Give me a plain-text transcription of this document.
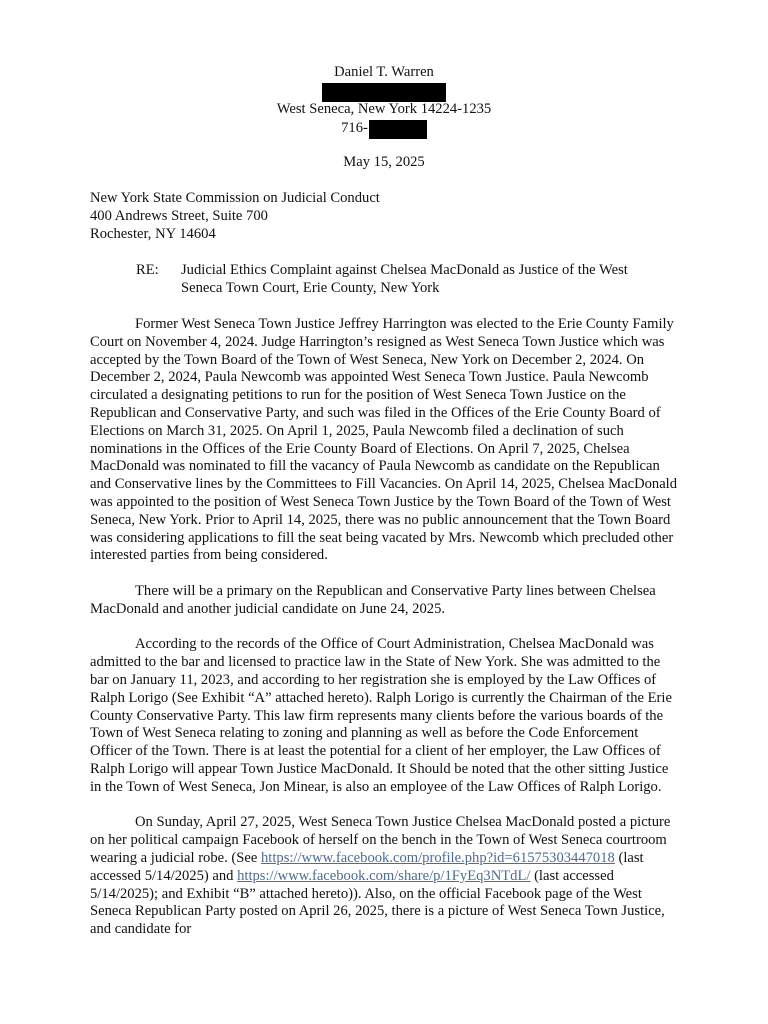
Daniel T. Warren
West Seneca, New York 14224-1235
716-
May 15, 2025
New York State Commission on Judicial Conduct
400 Andrews Street, Suite 700
Rochester, NY 14604
RE: Judicial Ethics Complaint against Chelsea MacDonald as Justice of the West
Seneca Town Court, Erie County, New York

Former West Seneca Town Justice Jeffrey Harrington was elected to the Erie County Family Court on November 4, 2024. Judge Harrington’s resigned as West Seneca Town Justice which was accepted by the Town Board of the Town of West Seneca, New York on December 2, 2024. On December 2, 2024, Paula Newcomb was appointed West Seneca Town Justice. Paula Newcomb circulated a designating petitions to run for the position of West Seneca Town Justice on the Republican and Conservative Party, and such was filed in the Offices of the Erie County Board of Elections on March 31, 2025. On April 1, 2025, Paula Newcomb filed a declination of such nominations in the Offices of the Erie County Board of Elections. On April 7, 2025, Chelsea MacDonald was nominated to fill the vacancy of Paula Newcomb as candidate on the Republican and Conservative lines by the Committees to Fill Vacancies. On April 14, 2025, Chelsea MacDonald was appointed to the position of West Seneca Town Justice by the Town Board of the Town of West Seneca, New York. Prior to April 14, 2025, there was no public announcement that the Town Board was considering applications to fill the seat being vacated by Mrs. Newcomb which precluded other interested parties from being considered.

There will be a primary on the Republican and Conservative Party lines between Chelsea MacDonald and another judicial candidate on June 24, 2025.

According to the records of the Office of Court Administration, Chelsea MacDonald was admitted to the bar and licensed to practice law in the State of New York. She was admitted to the bar on January 11, 2023, and according to her registration she is employed by the Law Offices of Ralph Lorigo (See Exhibit “A” attached hereto). Ralph Lorigo is currently the Chairman of the Erie County Conservative Party. This law firm represents many clients before the various boards of the Town of West Seneca relating to zoning and planning as well as before the Code Enforcement Officer of the Town. There is at least the potential for a client of her employer, the Law Offices of Ralph Lorigo will appear Town Justice MacDonald. It Should be noted that the other sitting Justice in the Town of West Seneca, Jon Minear, is also an employee of the Law Offices of Ralph Lorigo.

On Sunday, April 27, 2025, West Seneca Town Justice Chelsea MacDonald posted a picture on her political campaign Facebook of herself on the bench in the Town of West Seneca courtroom wearing a judicial robe. (See https://www.facebook.com/profile.php?id=61575303447018 (last accessed 5/14/2025) and https://www.facebook.com/share/p/1FyEq3NTdL/ (last accessed 5/14/2025); and Exhibit “B” attached hereto)). Also, on the official Facebook page of the West Seneca Republican Party posted on April 26, 2025, there is a picture of West Seneca Town Justice, and candidate for
